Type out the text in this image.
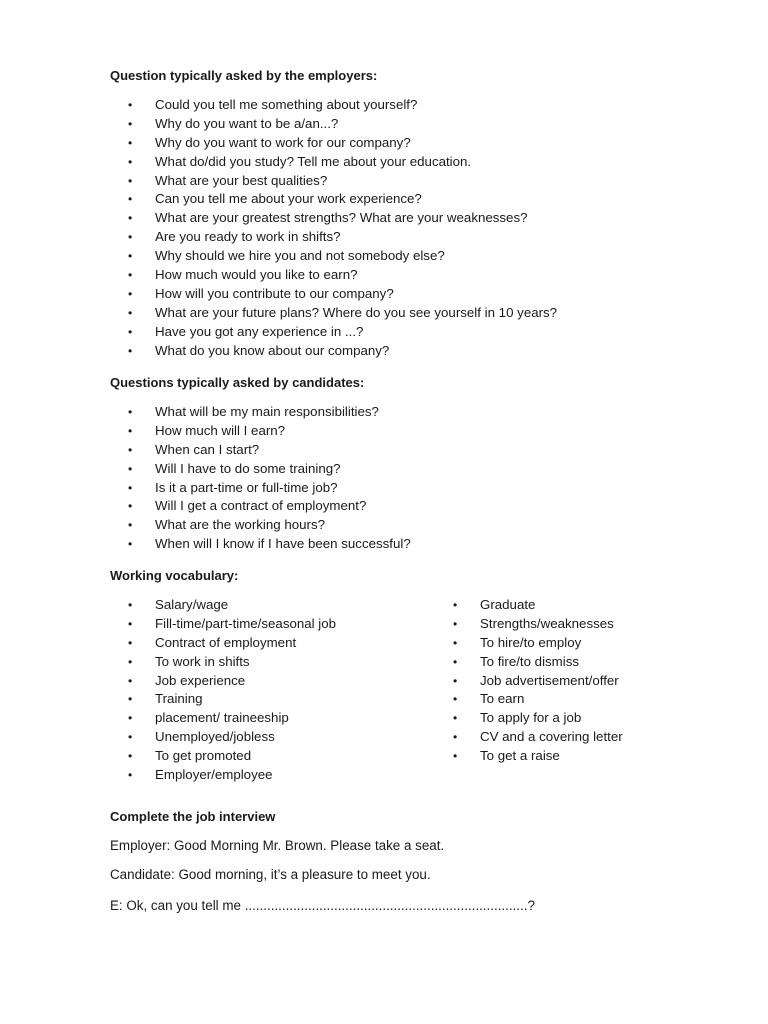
Question typically asked by the employers:
• Could you tell me something about yourself?
• Why do you want to be a/an...?
• Why do you want to work for our company?
• What do/did you study? Tell me about your education.
• What are your best qualities?
• Can you tell me about your work experience?
• What are your greatest strengths? What are your weaknesses?
• Are you ready to work in shifts?
• Why should we hire you and not somebody else?
• How much would you like to earn?
• How will you contribute to our company?
• What are your future plans? Where do you see yourself in 10 years?
• Have you got any experience in ...?
• What do you know about our company?
Questions typically asked by candidates:
• What will be my main responsibilities?
• How much will I earn?
• When can I start?
• Will I have to do some training?
• Is it a part-time or full-time job?
• Will I get a contract of employment?
• What are the working hours?
• When will I know if I have been successful?
Working vocabulary:
• Salary/wage
• Fill-time/part-time/seasonal job
• Contract of employment
• To work in shifts
• Job experience
• Training
• placement/ traineeship
• Unemployed/jobless
• To get promoted
• Employer/employee
• Graduate
• Strengths/weaknesses
• To hire/to employ
• To fire/to dismiss
• Job advertisement/offer
• To earn
• To apply for a job
• CV and a covering letter
• To get a raise
Complete the job interview
Employer: Good Morning Mr. Brown. Please take a seat.
Candidate: Good morning, it’s a pleasure to meet you.
E: Ok, can you tell me ............................................................................?
